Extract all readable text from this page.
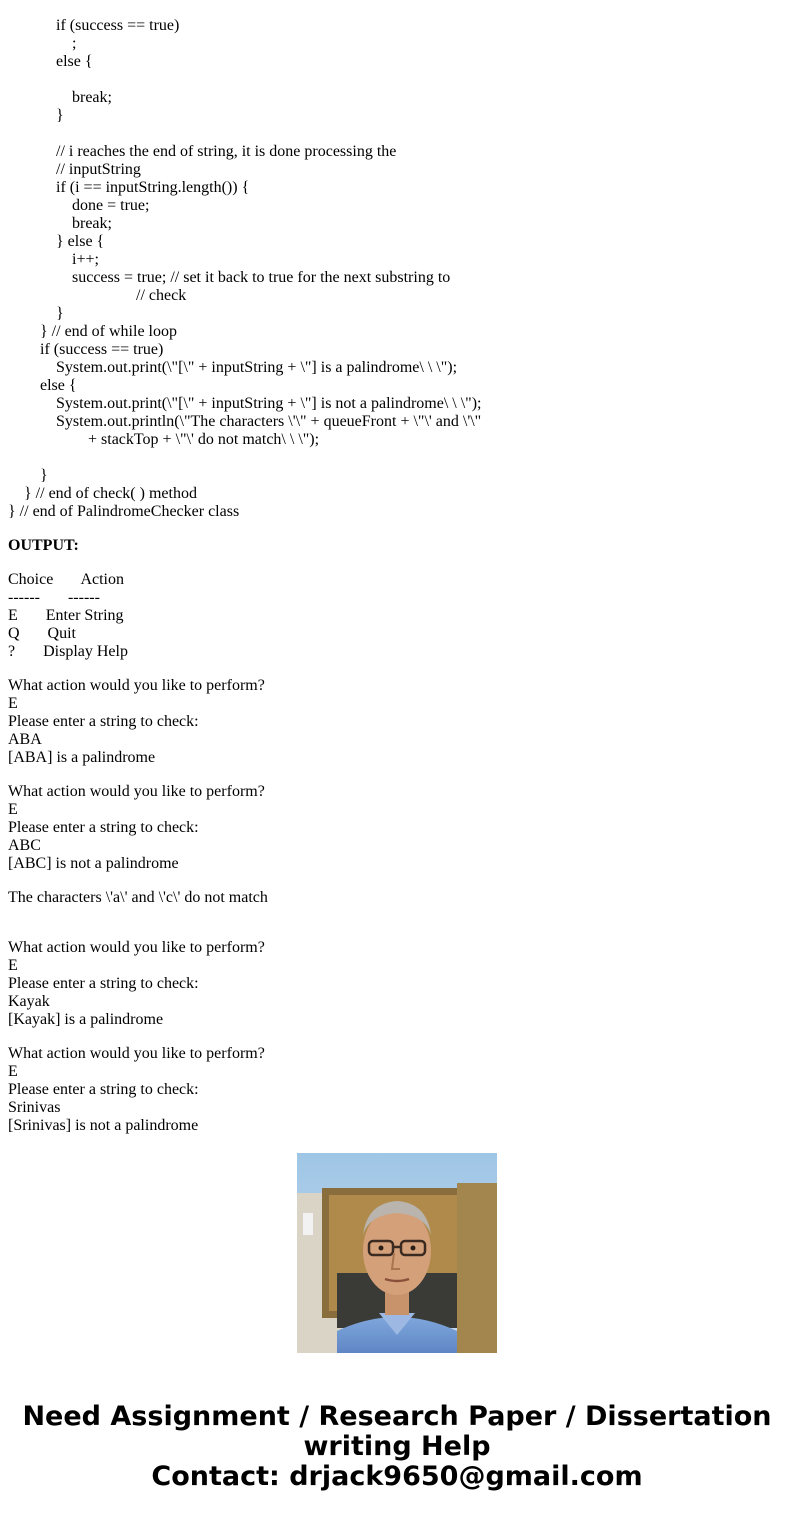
if (success == true)
;
else {
break;
}
// i reaches the end of string, it is done processing the
// inputString
if (i == inputString.length()) {
done = true;
break;
} else {
i++;
success = true; // set it back to true for the next substring to
// check
}
} // end of while loop
if (success == true)
System.out.print(\"[\" + inputString + \"] is a palindrome\ \ \");
else {
System.out.print(\"[\" + inputString + \"] is not a palindrome\ \ \");
System.out.println(\"The characters \'\" + queueFront + \"\' and \'\"
+ stackTop + \"\' do not match\ \ \");
}
} // end of check( ) method
} // end of PalindromeChecker class
OUTPUT:
Choice       Action
------       ------
E       Enter String
Q       Quit
?       Display Help
What action would you like to perform?
E
Please enter a string to check:
ABA
[ABA] is a palindrome
What action would you like to perform?
E
Please enter a string to check:
ABC
[ABC] is not a palindrome
The characters \'a\' and \'c\' do not match
What action would you like to perform?
E
Please enter a string to check:
Kayak
[Kayak] is a palindrome
What action would you like to perform?
E
Please enter a string to check:
Srinivas
[Srinivas] is not a palindrome
Need Assignment / Research Paper / Dissertation
writing Help
Contact: drjack9650@gmail.com
